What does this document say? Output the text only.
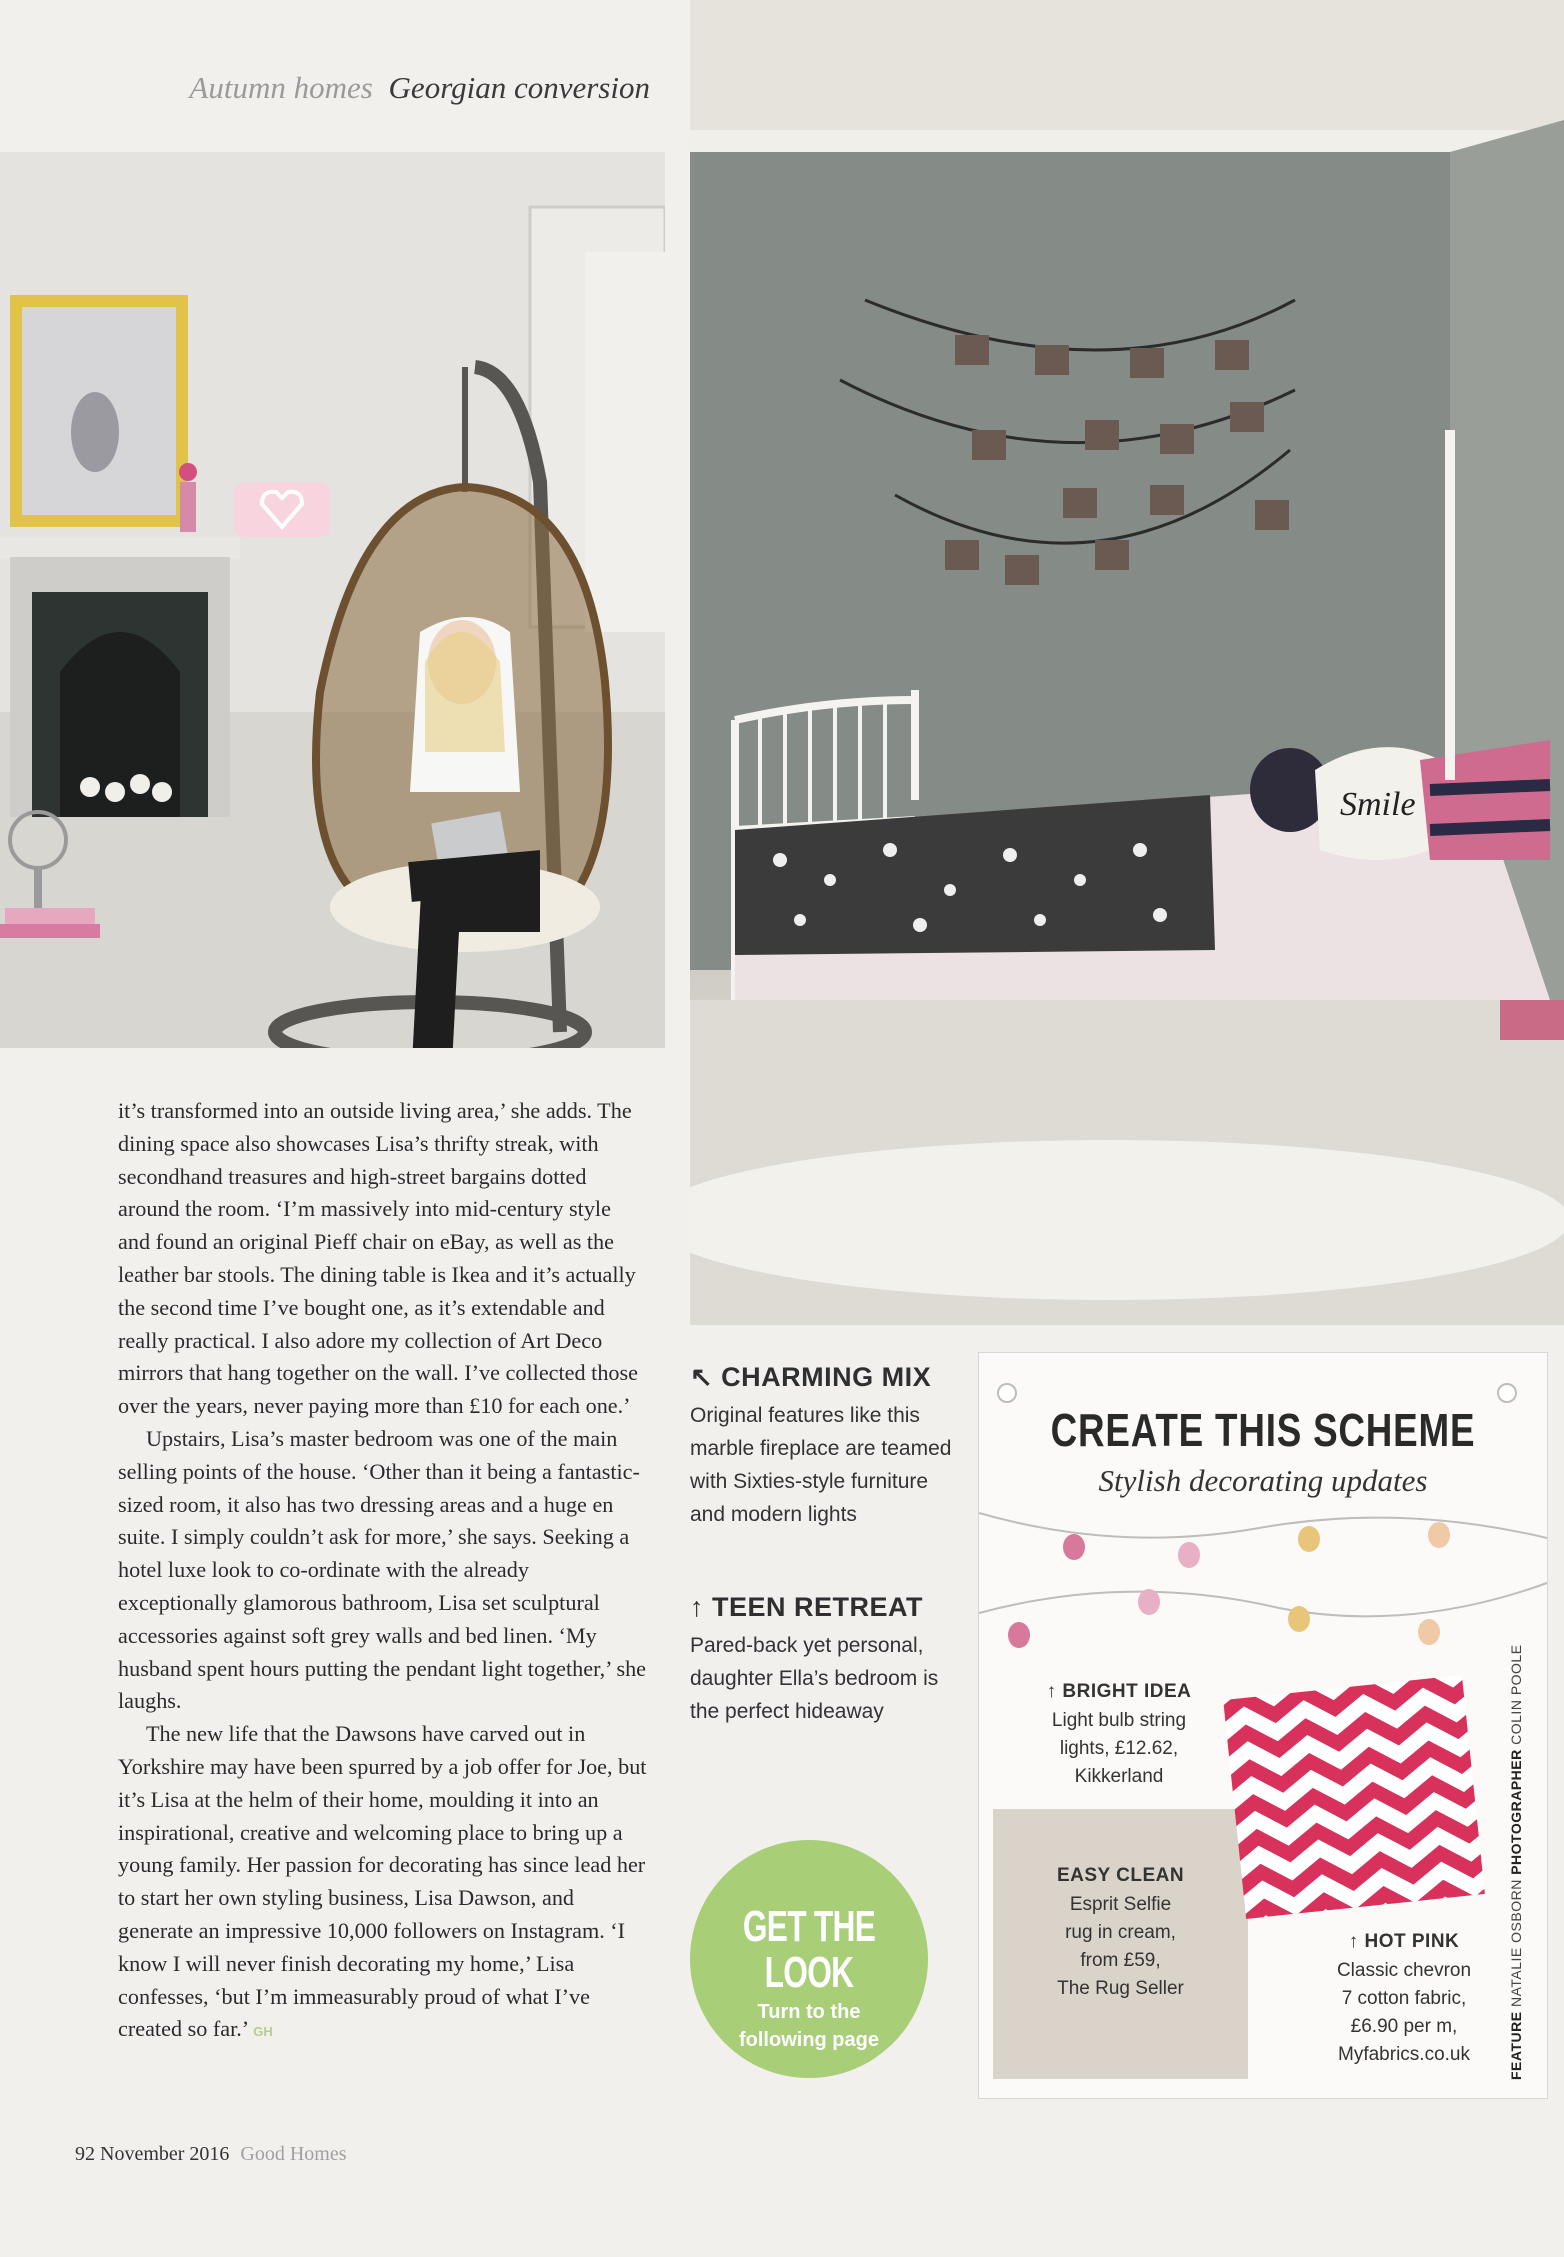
Autumn homes Georgian conversion
Smile

it’s transformed into an outside living area,’ she adds. The dining space also showcases Lisa’s thrifty streak, with secondhand treasures and high-street bargains dotted around the room. ‘I’m massively into mid-century style and found an original Pieff chair on eBay, as well as the leather bar stools. The dining table is Ikea and it’s actually the second time I’ve bought one, as it’s extendable and really practical. I also adore my collection of Art Deco mirrors that hang together on the wall. I’ve collected those over the years, never paying more than £10 for each one.’

Upstairs, Lisa’s master bedroom was one of the main selling points of the house. ‘Other than it being a fantastic-sized room, it also has two dressing areas and a huge en suite. I simply couldn’t ask for more,’ she says. Seeking a hotel luxe look to co-ordinate with the already exceptionally glamorous bathroom, Lisa set sculptural accessories against soft grey walls and bed linen. ‘My husband spent hours putting the pendant light together,’ she laughs.

The new life that the Dawsons have carved out in Yorkshire may have been spurred by a job offer for Joe, but it’s Lisa at the helm of their home, moulding it into an inspirational, creative and welcoming place to bring up a young family. Her passion for decorating has since lead her to start her own styling business, Lisa Dawson, and generate an impressive 10,000 followers on Instagram. ‘I know I will never finish decorating my home,’ Lisa confesses, ‘but I’m immeasurably proud of what I’ve created so far.’ GH

↖ CHARMING MIX

Original features like this marble fireplace are teamed with Sixties-style furniture and modern lights

↑ TEEN RETREAT

Pared-back yet personal, daughter Ella’s bedroom is the perfect hideaway

GET THE LOOK
Turn to the
following page
CREATE THIS SCHEME
Stylish decorating updates
↑ BRIGHT IDEA

Light bulb string

lights, £12.62,

Kikkerland

EASY CLEAN

Esprit Selfie

rug in cream,

from £59,

The Rug Seller

↑ HOT PINK

Classic chevron

7 cotton fabric,

£6.90 per m,

Myfabrics.co.uk	FEATURE NATALIE OSBORN PHOTOGRAPHER COLIN POOLE
92 November 2016 Good Homes
